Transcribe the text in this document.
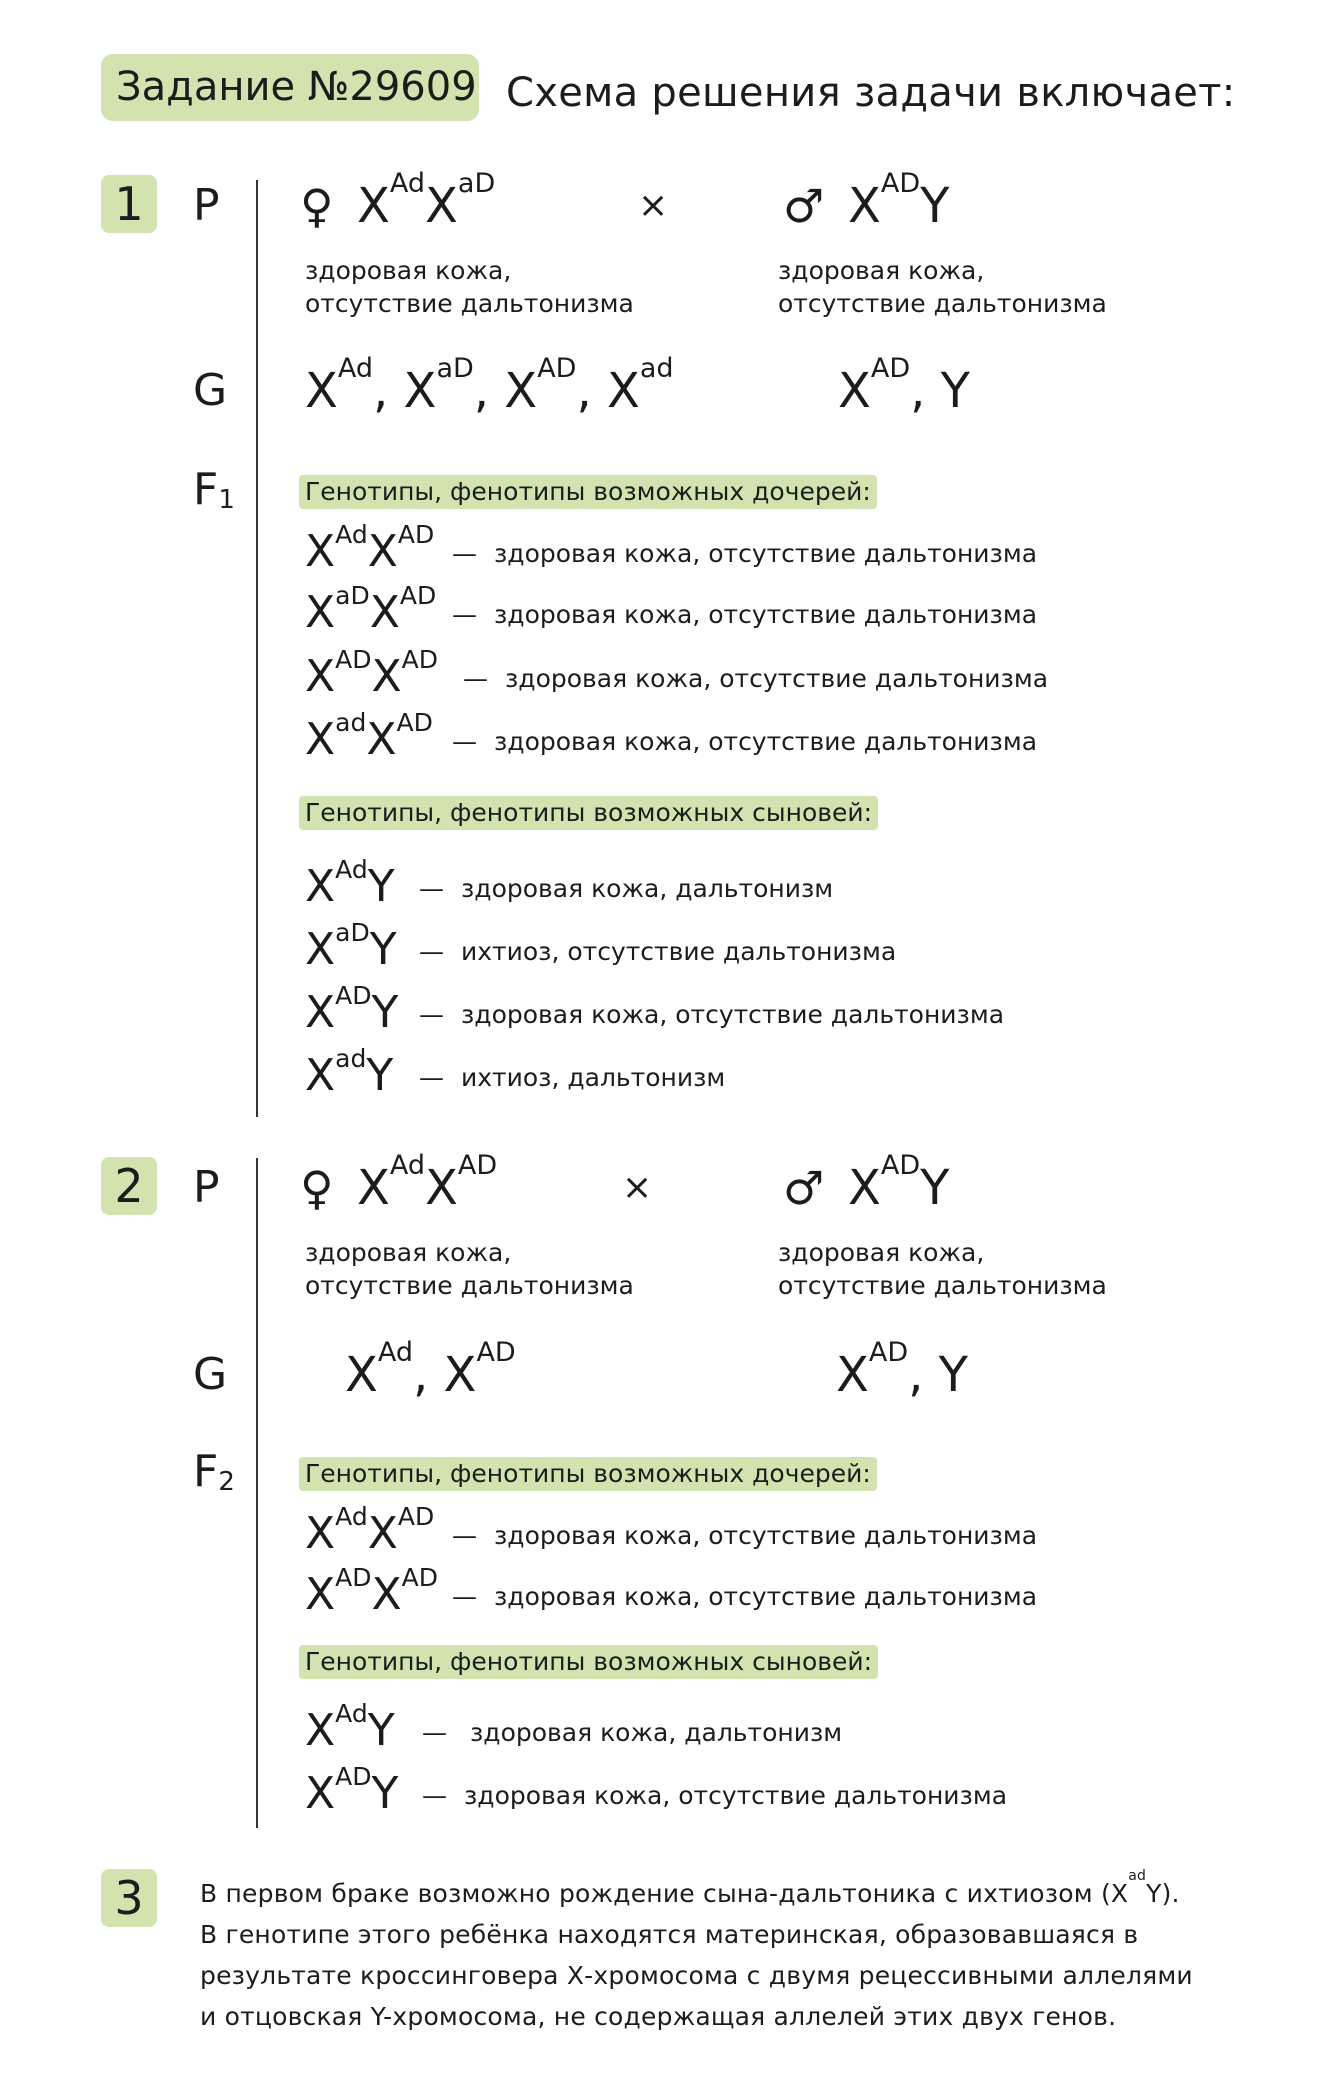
Задание №29609 Схема решения задачи включает:
1	P ♀ $X^{Ad}X^{aD}$
× ♂ $X^{AD}Y$
здоровая кожа,
отсутствие дальтонизма
здоровая кожа,
отсутствие дальтонизма
G $X^{Ad}$, $X^{aD}$, $X^{AD}$, $X^{ad}$	$X^{AD}$, Y
F1	Генотипы, фенотипы возможных дочерей:
$X^{Ad}X^{AD}$
— здоровая кожа, отсутствие дальтонизма
$X^{aD}X^{AD}$
— здоровая кожа, отсутствие дальтонизма
$X^{AD}X^{AD}$
— здоровая кожа, отсутствие дальтонизма
$X^{ad}X^{AD}$
— здоровая кожа, отсутствие дальтонизма
Генотипы, фенотипы возможных сыновей:
$X^{Ad}Y$ — здоровая кожа, дальтонизм
$X^{aD}Y$ — ихтиоз, отсутствие дальтонизма
$X^{AD}Y$ — здоровая кожа, отсутствие дальтонизма
$X^{ad}Y$ — ихтиоз, дальтонизм
2	P ♀ $X^{Ad}X^{AD}$
×	♂ $X^{AD}Y$
здоровая кожа,
отсутствие дальтонизма
здоровая кожа,
отсутствие дальтонизма
G $X^{Ad}$, $X^{AD}$	$X^{AD}$, Y
F2	Генотипы, фенотипы возможных дочерей:
$X^{Ad}X^{AD}$
— здоровая кожа, отсутствие дальтонизма
$X^{AD}X^{AD}$
— здоровая кожа, отсутствие дальтонизма
Генотипы, фенотипы возможных сыновей:
$X^{Ad}Y$ — здоровая кожа, дальтонизм
$X^{AD}Y$ — здоровая кожа, отсутствие дальтонизма
3	В первом браке возможно рождение сына-дальтоника с ихтиозом $(X^{ad}Y)$.
В генотипе этого ребёнка находятся материнская, образовавшаяся в
результате кроссинговера Х-хромосома с двумя рецессивными аллелями
и отцовская Y-хромосома, не содержащая аллелей этих двух генов.
